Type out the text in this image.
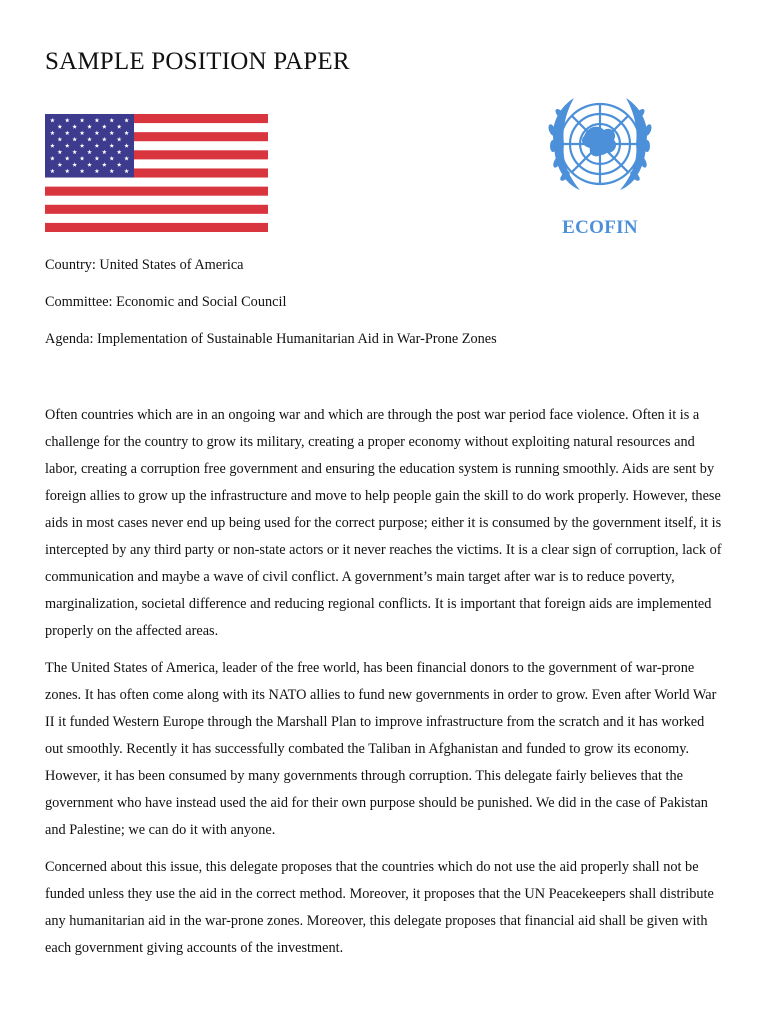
SAMPLE POSITION PAPER
ECOFIN

Country: United States of America

Committee: Economic and Social Council

Agenda: Implementation of Sustainable Humanitarian Aid in War-Prone Zones

Often countries which are in an ongoing war and which are through the post war period face violence. Often it is a challenge for the country to grow its military, creating a proper economy without exploiting natural resources and labor, creating a corruption free government and ensuring the education system is running smoothly. Aids are sent by foreign allies to grow up the infrastructure and move to help people gain the skill to do work properly. However, these aids in most cases never end up being used for the correct purpose; either it is consumed by the government itself, it is intercepted by any third party or non-state actors or it never reaches the victims. It is a clear sign of corruption, lack of communication and maybe a wave of civil conflict. A government’s main target after war is to reduce poverty, marginalization, societal difference and reducing regional conflicts. It is important that foreign aids are implemented properly on the affected areas.

The United States of America, leader of the free world, has been financial donors to the government of war-prone zones. It has often come along with its NATO allies to fund new governments in order to grow. Even after World War II it funded Western Europe through the Marshall Plan to improve infrastructure from the scratch and it has worked out smoothly. Recently it has successfully combated the Taliban in Afghanistan and funded to grow its economy. However, it has been consumed by many governments through corruption. This delegate fairly believes that the government who have instead used the aid for their own purpose should be punished. We did in the case of Pakistan and Palestine; we can do it with anyone.

Concerned about this issue, this delegate proposes that the countries which do not use the aid properly shall not be funded unless they use the aid in the correct method. Moreover, it proposes that the UN Peacekeepers shall distribute any humanitarian aid in the war-prone zones. Moreover, this delegate proposes that financial aid shall be given with each government giving accounts of the investment.
